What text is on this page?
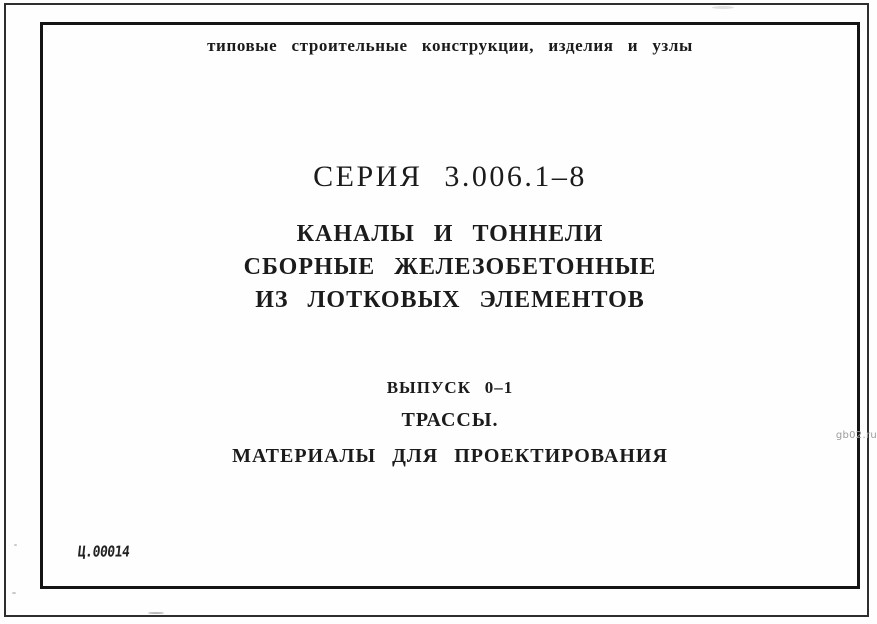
типовые строительные конструкции, изделия и узлы
СЕРИЯ 3.006.1–8
КАНАЛЫ И ТОННЕЛИ
СБОРНЫЕ ЖЕЛЕЗОБЕТОННЫЕ
ИЗ ЛОТКОВЫХ ЭЛЕМЕНТОВ
ВЫПУСК 0–1
ТРАССЫ.
МАТЕРИАЛЫ ДЛЯ ПРОЕКТИРОВАНИЯ
Ц.00014
gb02.ru
